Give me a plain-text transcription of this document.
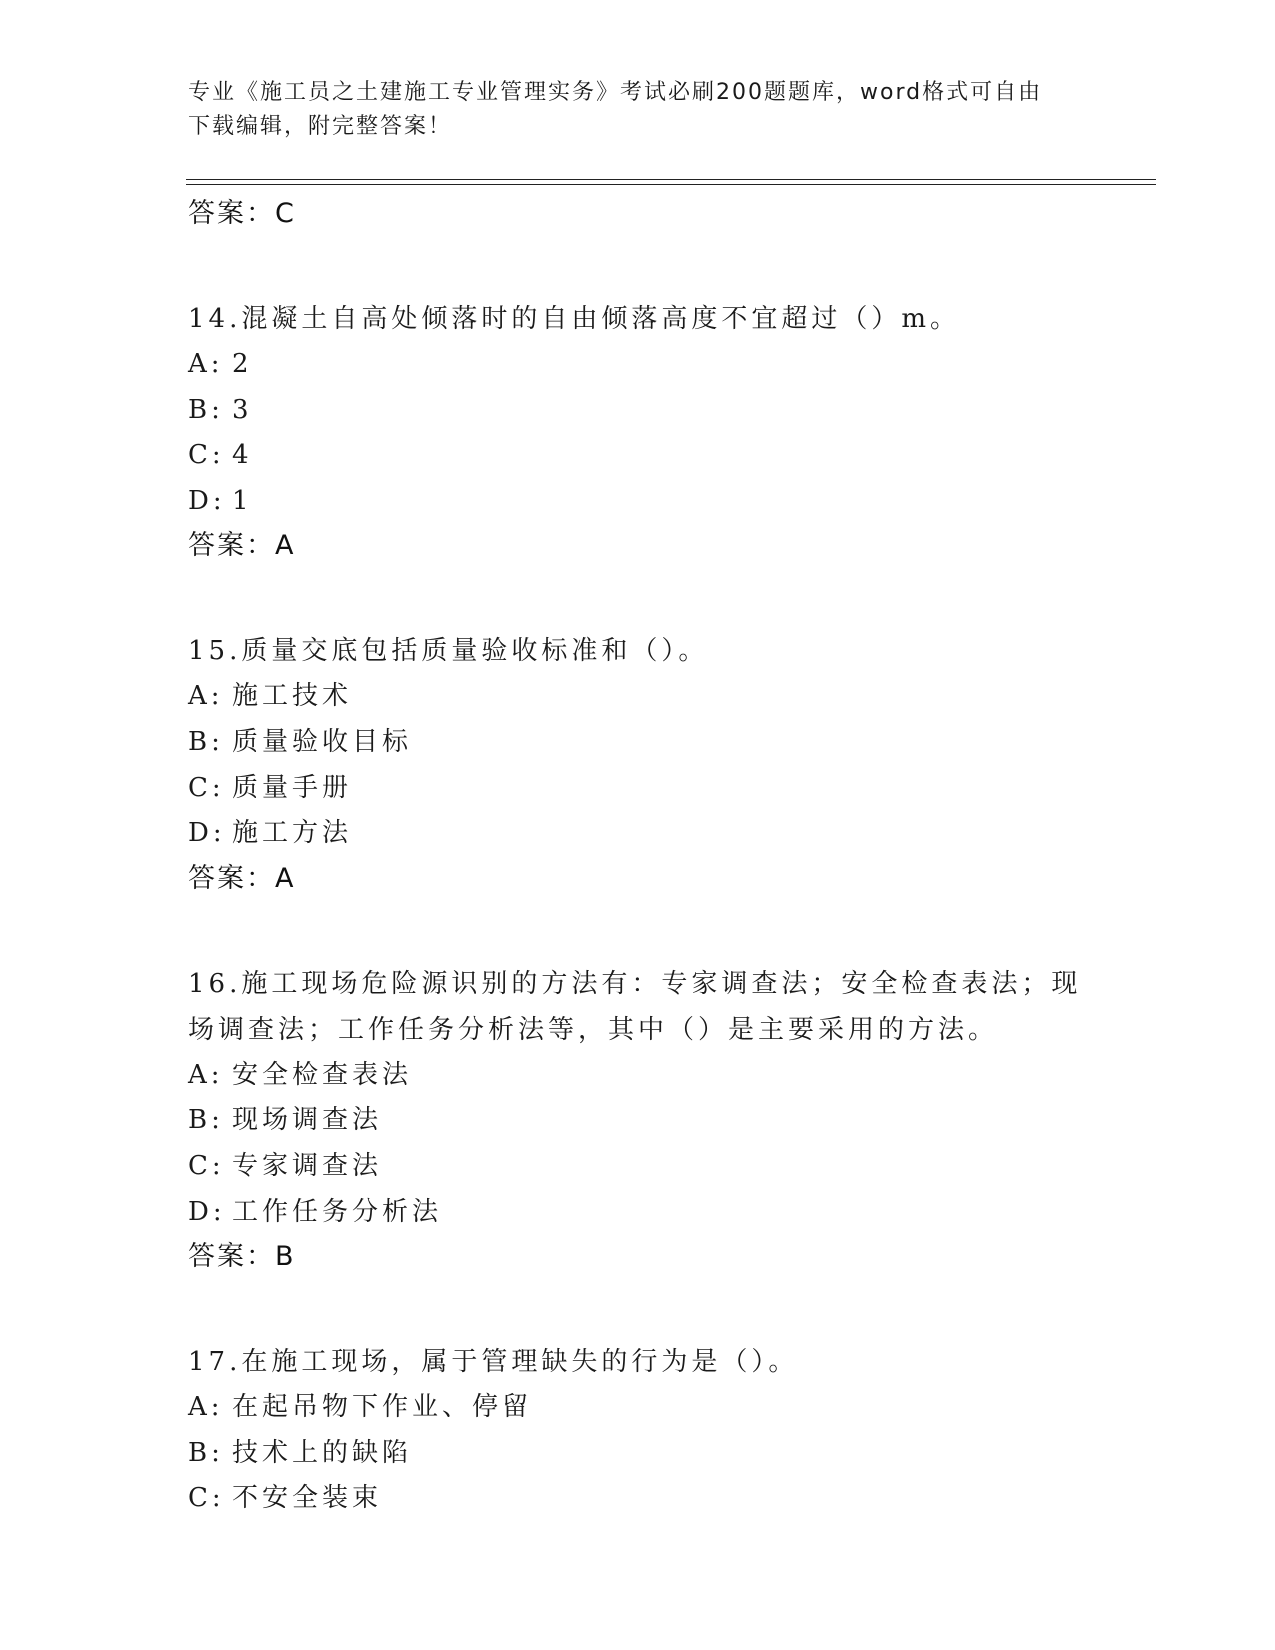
专业《施工员之土建施工专业管理实务》考试必刷200题题库，word格式可自由
下载编辑，附完整答案！
答案：C
14.混凝土自高处倾落时的自由倾落高度不宜超过（）m。
A: 2
B: 3
C: 4
D: 1
答案：A
15.质量交底包括质量验收标准和（）。
A: 施工技术
B: 质量验收目标
C: 质量手册
D: 施工方法
答案：A
16.施工现场危险源识别的方法有：专家调查法；安全检查表法；现场调查法；工作任务分析法等，其中（）是主要采用的方法。
A: 安全检查表法
B: 现场调查法
C: 专家调查法
D: 工作任务分析法
答案：B
17.在施工现场，属于管理缺失的行为是（）。
A: 在起吊物下作业、停留
B: 技术上的缺陷
C: 不安全装束
